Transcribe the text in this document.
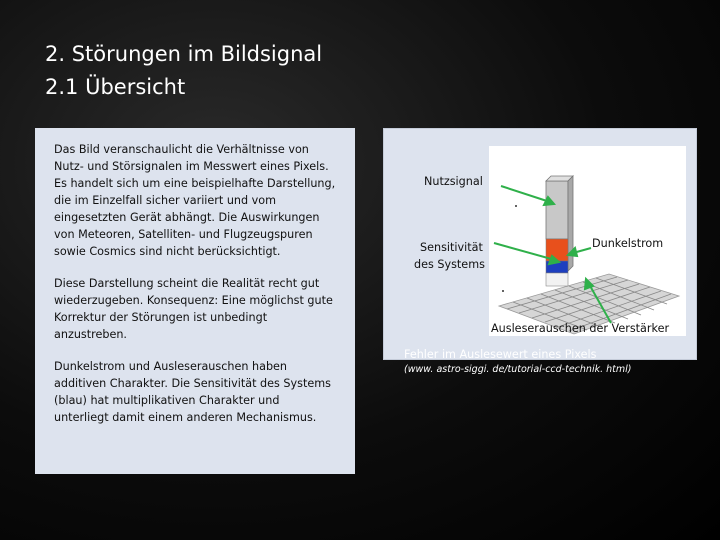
2. Störungen im Bildsignal
2.1 Übersicht

Das Bild veranschaulicht die Verhältnisse von Nutz- und Störsignalen im Messwert eines Pixels. Es handelt sich um eine beispielhafte Darstellung, die im Einzelfall sicher variiert und vom eingesetzten Gerät abhängt. Die Auswirkungen von Meteoren, Satelliten- und Flugzeugspuren sowie Cosmics sind nicht berücksichtigt.

Diese Darstellung scheint die Realität recht gut wiederzugeben. Konsequenz: Eine möglichst gute Korrektur der Störungen ist unbedingt anzustreben.

Dunkelstrom und Ausleserauschen haben additiven Charakter. Die Sensitivität des Systems (blau) hat multiplikativen Charakter und unterliegt damit einem anderen Mechanismus.

Nutzsignal
Sensitivität
des Systems
Dunkelstrom
Ausleserauschen der Verstärker
Fehler im Auslesewert eines Pixels
(www. astro-siggi. de/tutorial-ccd-technik. html)
